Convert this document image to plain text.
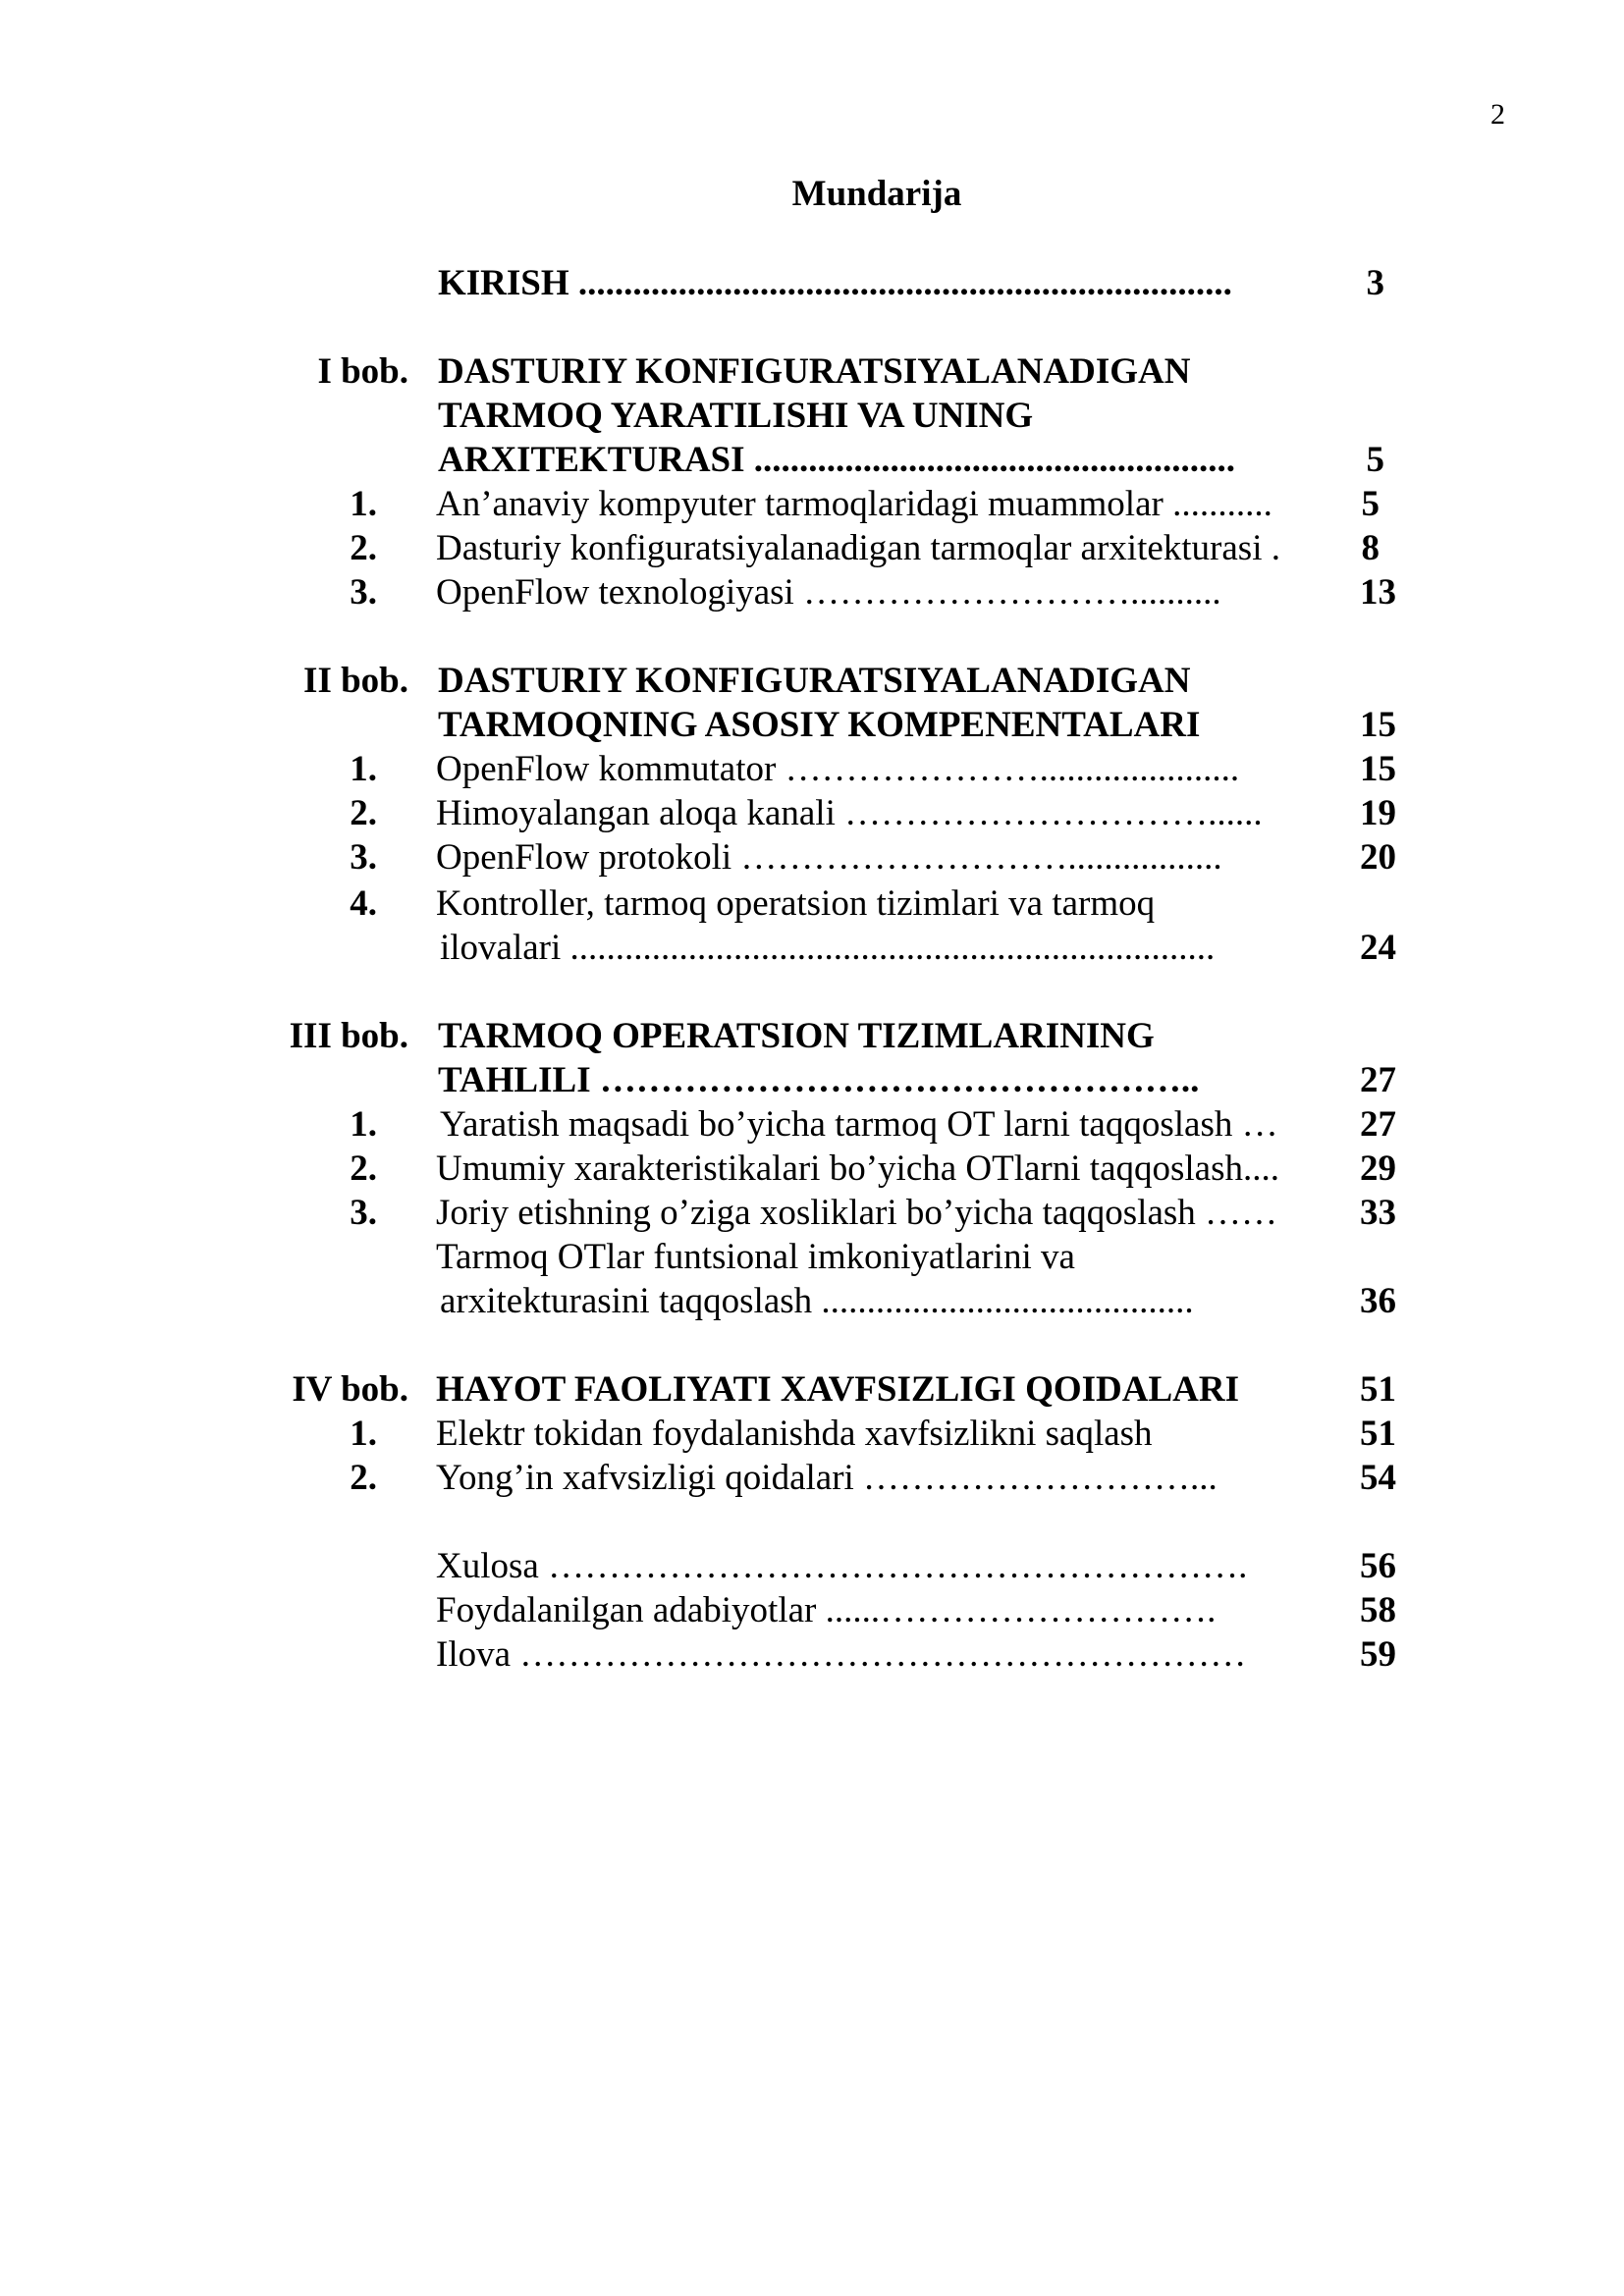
2
Mundarija
KIRISH ........................................................................	3
I bob. DASTURIY KONFIGURATSIYALANADIGAN
TARMOQ YARATILISHI VA UNING
ARXITEKTURASI .....................................................	5
1. An’anaviy kompyuter tarmoqlaridagi muammolar ...........	5
2. Dasturiy konfiguratsiyalanadigan tarmoqlar arxitekturasi .	8
3. OpenFlow texnologiyasi ………………………..........	13
II bob. DASTURIY KONFIGURATSIYALANADIGAN
TARMOQNING ASOSIY KOMPENENTALARI	15
1. OpenFlow kommutator …………………......................	15
2. Himoyalangan aloqa kanali …………………………......	19
3. OpenFlow protokoli ……………………….................	20
4. Kontroller, tarmoq operatsion tizimlari va tarmoq
ilovalari .......................................................................	24
III bob. TARMOQ OPERATSION TIZIMLARINING
TAHLILI …………………………………………..	27
1. Yaratish maqsadi bo’yicha tarmoq OT larni taqqoslash …	27
2. Umumiy xarakteristikalari bo’yicha OTlarni taqqoslash....	29
3. Joriy etishning o’ziga xosliklari bo’yicha taqqoslash ……	33
Tarmoq OTlar funtsional imkoniyatlarini va
arxitekturasini taqqoslash .........................................	36
IV bob. HAYOT FAOLIYATI XAVFSIZLIGI QOIDALARI	51
1. Elektr tokidan foydalanishda xavfsizlikni saqlash	51
2. Yong’in xafvsizligi qoidalari ………………………...	54
Xulosa ………………………………………………….	56
Foydalanilgan adabiyotlar ......……………………….	58
Ilova ……………………………………………………	59
